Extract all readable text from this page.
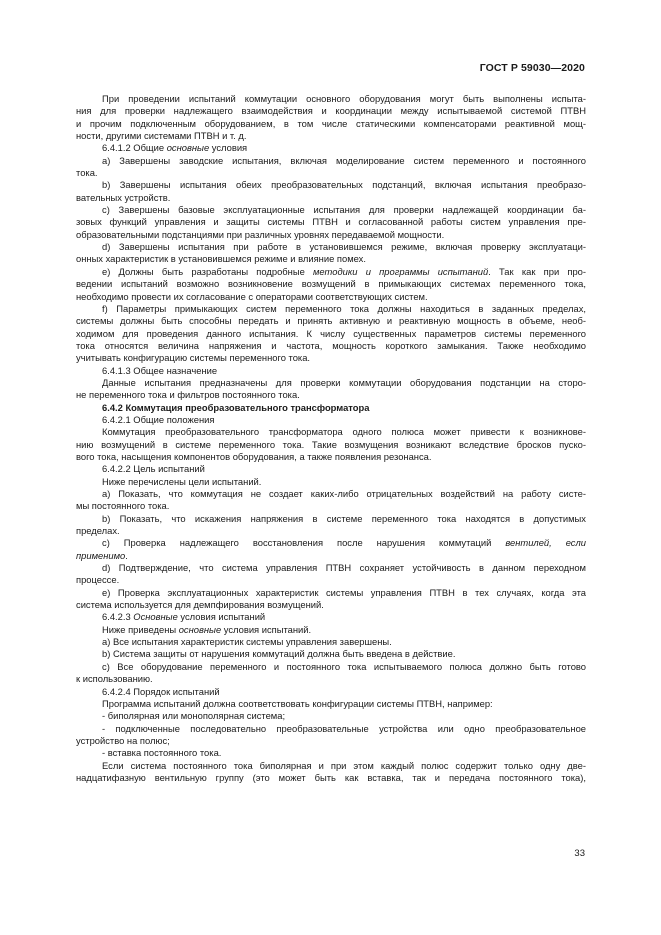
ГОСТ Р 59030—2020

При проведении испытаний коммутации основного оборудования могут быть выполнены испыта-

ния для проверки надлежащего взаимодействия и координации между испытываемой системой ПТВН

и прочим подключенным оборудованием, в том числе статическими компенсаторами реактивной мощ-

ности, другими системами ПТВН и т. д.

6.4.1.2 Общие основные условия

а) Завершены заводские испытания, включая моделирование систем переменного и постоянного

тока.

b) Завершены испытания обеих преобразовательных подстанций, включая испытания преобразо-

вательных устройств.

c) Завершены базовые эксплуатационные испытания для проверки надлежащей координации ба-

зовых функций управления и защиты системы ПТВН и согласованной работы систем управления пре-

образовательными подстанциями при различных уровнях передаваемой мощности.

d) Завершены испытания при работе в установившемся режиме, включая проверку эксплуатаци-

онных характеристик в установившемся режиме и влияние помех.

e) Должны быть разработаны подробные методики и программы испытаний. Так как при про-

ведении испытаний возможно возникновение возмущений в примыкающих системах переменного тока,

необходимо провести их согласование с операторами соответствующих систем.

f) Параметры примыкающих систем переменного тока должны находиться в заданных пределах,

системы должны быть способны передать и принять активную и реактивную мощность в объеме, необ-

ходимом для проведения данного испытания. К числу существенных параметров системы переменного

тока относятся величина напряжения и частота, мощность короткого замыкания. Также необходимо

учитывать конфигурацию системы переменного тока.

6.4.1.3 Общее назначение

Данные испытания предназначены для проверки коммутации оборудования подстанции на сторо-

не переменного тока и фильтров постоянного тока.

6.4.2 Коммутация преобразовательного трансформатора

6.4.2.1 Общие положения

Коммутация преобразовательного трансформатора одного полюса может привести к возникнове-

нию возмущений в системе переменного тока. Такие возмущения возникают вследствие бросков пуско-

вого тока, насыщения компонентов оборудования, а также появления резонанса.

6.4.2.2 Цель испытаний

Ниже перечислены цели испытаний.

а) Показать, что коммутация не создает каких-либо отрицательных воздействий на работу систе-

мы постоянного тока.

b) Показать, что искажения напряжения в системе переменного тока находятся в допустимых

пределах.

c) Проверка надлежащего восстановления после нарушения коммутаций вентилей, если

применимо.

d) Подтверждение, что система управления ПТВН сохраняет устойчивость в данном переходном

процессе.

e) Проверка эксплуатационных характеристик системы управления ПТВН в тех случаях, когда эта

система используется для демпфирования возмущений.

6.4.2.3 Основные условия испытаний

Ниже приведены основные условия испытаний.

а) Все испытания характеристик системы управления завершены.

b) Система защиты от нарушения коммутаций должна быть введена в действие.

c) Все оборудование переменного и постоянного тока испытываемого полюса должно быть готово

к использованию.

6.4.2.4 Порядок испытаний

Программа испытаний должна соответствовать конфигурации системы ПТВН, например:

- биполярная или монополярная система;

- подключенные последовательно преобразовательные устройства или одно преобразовательное

устройство на полюс;

- вставка постоянного тока.

Если система постоянного тока биполярная и при этом каждый полюс содержит только одну две-

надцатифазную вентильную группу (это может быть как вставка, так и передача постоянного тока),

33
